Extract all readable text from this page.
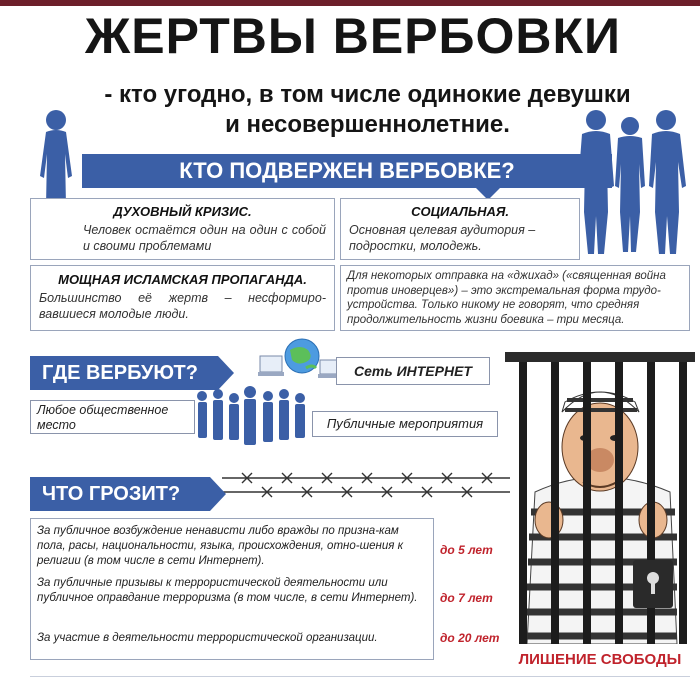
ЖЕРТВЫ ВЕРБОВКИ
- кто угодно, в том числе одинокие девушки
и несовершеннолетние.
КТО ПОДВЕРЖЕН ВЕРБОВКЕ?
ДУХОВНЫЙ КРИЗИС.
Человек остаётся один на один с собой и своими проблемами
СОЦИАЛЬНАЯ.
Основная целевая аудитория – подростки, молодежь.
МОЩНАЯ ИСЛАМСКАЯ ПРОПАГАНДА.
Большинство её жертв – несформиро-вавшиеся молодые люди.
Для некоторых отправка на «джихад» («священная война против иноверцев») – это экстремальная форма трудо-устройства. Только никому не говорят, что средняя продолжительность жизни боевика – три месяца.
ГДЕ ВЕРБУЮТ?	Сеть ИНТЕРНЕТ
Любое общественное место	Публичные мероприятия
ЧТО ГРОЗИТ?
За публичное возбуждение ненависти либо вражды по призна-кам пола, расы, национальности, языка, происхождения, отно-шения к религии (в том числе в сети Интернет).
За публичные призывы к террористической деятельности или публичное оправдание терроризма (в том числе, в сети Интернет).
За участие в деятельности террористической организации.
до 5 лет
до 7 лет
до 20 лет
ЛИШЕНИЕ СВОБОДЫ
